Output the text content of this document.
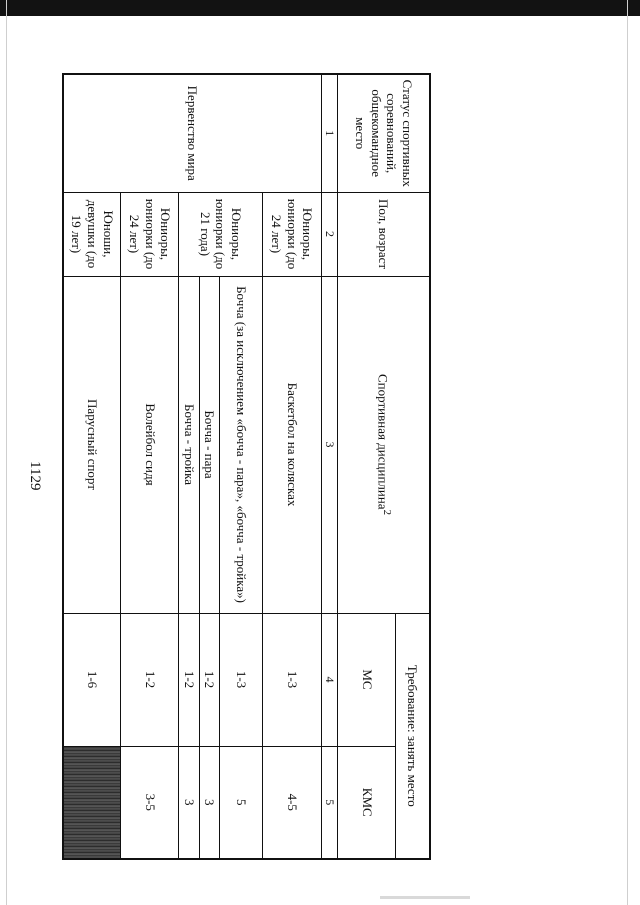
1129
Статус спортивных соревнований, общекомандное место	Пол, возраст	Спортивная дисциплина$^2$	Требование: занять место	
			МС	КМС
1	2	3	4	5
Первенство мира	Юниоры, юниорки (до 24 лет)	Баскетбол на колясках	1-3	4-5
	Юниоры, юниорки (до 21 года)	Бочча (за исключением «бочча - пара», «бочча - тройка»)	1-3	5
		Бочча - пара	1-2	3
		Бочча - тройка	1-2	3
	Юниоры, юниорки (до 24 лет)	Волейбол сидя	1-2	3-5
	Юноши, девушки (до 19 лет)	Парусный спорт	1-6	
